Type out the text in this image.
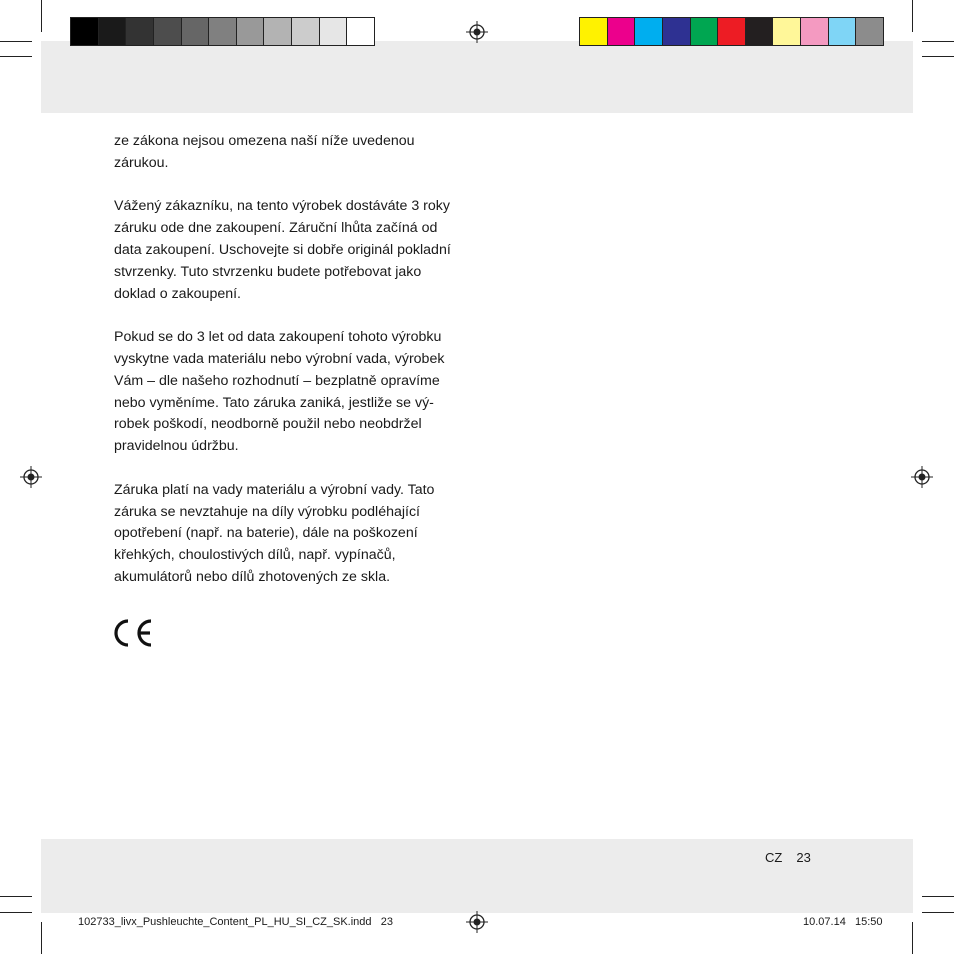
ze zákona nejsou omezena naší níže uvedenou
zárukou.

Vážený zákazníku, na tento výrobek dostáváte 3 roky
záruku ode dne zakoupení. Záruční lhůta začíná od
data zakoupení. Uschovejte si dobře originál pokladní
stvrzenky. Tuto stvrzenku budete potřebovat jako
doklad o zakoupení.

Pokud se do 3 let od data zakoupení tohoto výrobku
vyskytne vada materiálu nebo výrobní vada, výrobek
Vám – dle našeho rozhodnutí – bezplatně opravíme
nebo vyměníme. Tato záruka zaniká, jestliže se vý-
robek poškodí, neodborně použil nebo neobdržel
pravidelnou údržbu.

Záruka platí na vady materiálu a výrobní vady. Tato
záruka se nevztahuje na díly výrobku podléhající
opotřebení (např. na baterie), dále na poškození
křehkých, choulostivých dílů, např. vypínačů,
akumulátorů nebo dílů zhotovených ze skla.

CZ 23
102733_livx_Pushleuchte_Content_PL_HU_SI_CZ_SK.indd   23	10.07.14   15:50
